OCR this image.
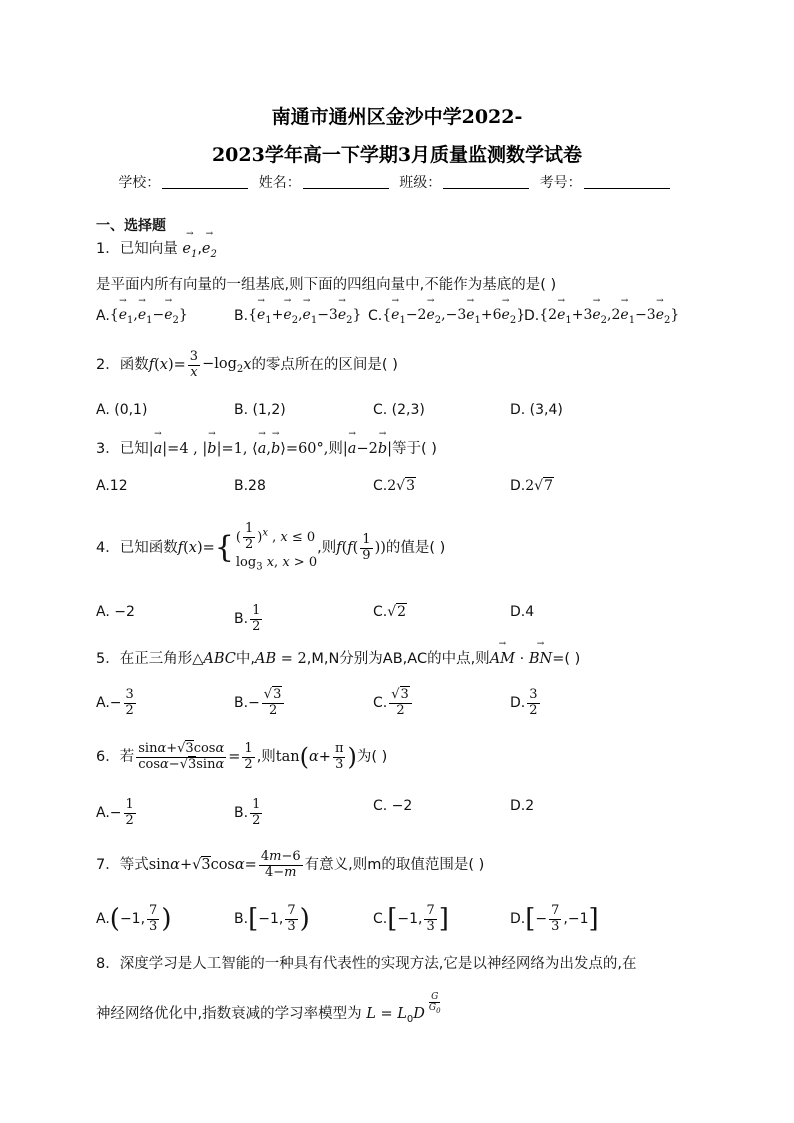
南通市通州区金沙中学2022-
2023学年高一下学期3月质量监测数学试卷
学校：	姓名：	班级：	考号：
一、选择题
1．已知向量 → $e_1,\to e_2$
是平面内所有向量的一组基底,则下面的四组向量中,不能作为基底的是( )
A. {→ $e_1,\to e_1-\to e_2$}	B. {→ $e_1+\to e_2,\to e_1-3\to e_2$} C. {→ $e_1-2\to e_2,-3\to e_1+6\to e_2$}
D. $\{2\to e_1+3\to e_2,2\to e_1-3\to e_2\}$
2．函数 f ( x )= $\frac{3}{x} -\log_2$ x 的零点所在的区间是( )
A. (0,1)	B. (1,2)	C. (2,3)	D. (3,4)
3．已知|→ a|=4 , |→ b|=1, ⟨→ a,→ b⟩=60°,则|→ a−2→ b|等于( )
A.12	B.28	C. 2√3	D. 2√7
4．已知函数 f ( x )= { ( $\frac{1}{2} )^x$ , x ≤ 0
$\log_3 x$, x > 0
,则 f ( f ( $\frac{1}{9}$ )) 的值是( )
A. −2	B. $\frac{1}{2}$	C. √2	D.4
5．在正三角形△ABC中,AB = 2,M,N分别为AB,AC的中点,则→ AM · → BN=( )
A. − $\frac{3}{2}$	B. − $\frac{√3}{2}$	C. $\frac{√3}{2}$	D. $\frac{3}{2}$
6．若 $\frac{\sin\alpha+√3\cos\alpha}{\cos\alpha-√3\sin\alpha} = \frac{1}{2}$ ,则 tan ( $\alpha + \frac{\pi}{3}$ ) 为( )
A. − $\frac{1}{2}$	B. $\frac{1}{2}$	C. −2	D.2
7．等式 $\sin\alpha+√3\cos\alpha= \frac{4m-6}{4-m}$ 有意义,则m的取值范围是( )
A. ( −1, $\frac{7}{3}$ )	B. [ −1, $\frac{7}{3}$ )	C. [ −1, $\frac{7}{3}$ ]	D. [ − $\frac{7}{3} ,-1$ ]
8．深度学习是人工智能的一种具有代表性的实现方法,它是以神经网络为出发点的,在
神经网络优化中,指数衰减的学习率模型为 $L = L_0D$ $^{\frac{G}{G_0}}$
